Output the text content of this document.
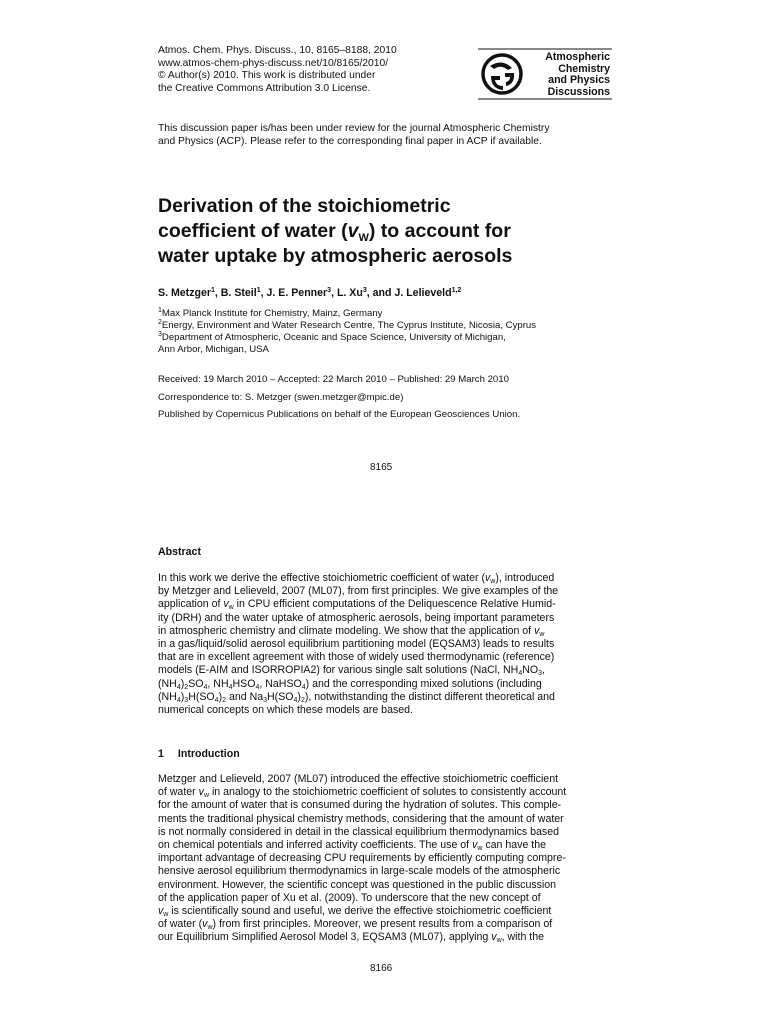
Atmos. Chem. Phys. Discuss., 10, 8165–8188, 2010
www.atmos-chem-phys-discuss.net/10/8165/2010/
© Author(s) 2010. This work is distributed under
the Creative Commons Attribution 3.0 License.
Atmospheric
Chemistry
and Physics
Discussions
This discussion paper is/has been under review for the journal Atmospheric Chemistry
and Physics (ACP). Please refer to the corresponding final paper in ACP if available.
Derivation of the stoichiometric
coefficient of water $(v_W)$ to account for
water uptake by atmospheric aerosols
S. Metzger$^1$, B. Steil$^1$, J. E. Penner$^3$, L. Xu$^3$, and J. Lelieveld$^{1,2}$
$^1$Max Planck Institute for Chemistry, Mainz, Germany
$^2$Energy, Environment and Water Research Centre, The Cyprus Institute, Nicosia, Cyprus
$^3$Department of Atmospheric, Oceanic and Space Science, University of Michigan,
Ann Arbor, Michigan, USA
Received: 19 March 2010 – Accepted: 22 March 2010 – Published: 29 March 2010
Correspondence to: S. Metzger (swen.metzger@mpic.de)
Published by Copernicus Publications on behalf of the European Geosciences Union.
8165
Abstract
In this work we derive the effective stoichiometric coefficient of water $(v_w)$, introduced
by Metzger and Lelieveld, 2007 (ML07), from first principles. We give examples of the
application of $v_w$ in CPU efficient computations of the Deliquescence Relative Humid-
ity (DRH) and the water uptake of atmospheric aerosols, being important parameters
in atmospheric chemistry and climate modeling. We show that the application of $v_w$
in a gas/liquid/solid aerosol equilibrium partitioning model (EQSAM3) leads to results
that are in excellent agreement with those of widely used thermodynamic (reference)
models (E-AIM and ISORROPIA2) for various single salt solutions (NaCl, $NH_4NO_3$,
$(NH_4)_2SO_4$, $NH_4HSO_4$, NaHSO$_4$) and the corresponding mixed solutions (including
$(NH_4)_3H(SO_4)_2$ and $Na_3H(SO_4)_2$), notwithstanding the distinct different theoretical and
numerical concepts on which these models are based.
1 Introduction
Metzger and Lelieveld, 2007 (ML07) introduced the effective stoichiometric coefficient
of water $v_w$ in analogy to the stoichiometric coefficient of solutes to consistently account
for the amount of water that is consumed during the hydration of solutes. This comple-
ments the traditional physical chemistry methods, considering that the amount of water
is not normally considered in detail in the classical equilibrium thermodynamics based
on chemical potentials and inferred activity coefficients. The use of $v_w$ can have the
important advantage of decreasing CPU requirements by efficiently computing compre-
hensive aerosol equilibrium thermodynamics in large-scale models of the atmospheric
environment. However, the scientific concept was questioned in the public discussion
of the application paper of Xu et al. (2009). To underscore that the new concept of
$v_w$ is scientifically sound and useful, we derive the effective stoichiometric coefficient
of water $(v_w)$ from first principles. Moreover, we present results from a comparison of
our Equilibrium Simplified Aerosol Model 3, EQSAM3 (ML07), applying $v_w$, with the
8166
